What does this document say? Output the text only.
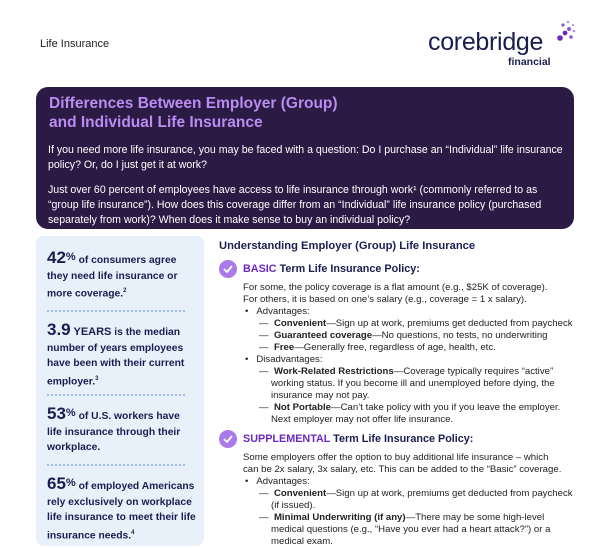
Life Insurance	corebridge
financial
Differences Between Employer (Group)
and Individual Life Insurance

If you need more life insurance, you may be faced with a question: Do I purchase an “Individual” life insurance policy? Or, do I just get it at work?

Just over 60 percent of employees have access to life insurance through work¹ (commonly referred to as “group life insurance”). How does this coverage differ from an “Individual” life insurance policy (purchased separately from work)? When does it make sense to buy an individual policy?

42% of consumers agree they need life insurance or more coverage.$^2$
3.9 YEARS is the median number of years employees have been with their current employer.$^3$
53% of U.S. workers have life insurance through their workplace.
65% of employed Americans rely exclusively on workplace life insurance to meet their life insurance needs.$^4$
Understanding Employer (Group) Life Insurance
BASIC Term Life Insurance Policy:
For some, the policy coverage is a flat amount (e.g., $25K of coverage).
For others, it is based on one’s salary (e.g., coverage = 1 x salary).
•   Advantages:
—  Convenient—Sign up at work, premiums get deducted from paycheck
—  Guaranteed coverage—No questions, no tests, no underwriting
—  Free—Generally free, regardless of age, health, etc.
•   Disadvantages:
—  Work-Related Restrictions—Coverage typically requires “active”
working status. If you become ill and unemployed before dying, the
insurance may not pay.
—  Not Portable—Can’t take policy with you if you leave the employer.
Next employer may not offer life insurance.
SUPPLEMENTAL Term Life Insurance Policy:
Some employers offer the option to buy additional life insurance – which
can be 2x salary, 3x salary, etc. This can be added to the “Basic” coverage.
•   Advantages:
—  Convenient—Sign up at work, premiums get deducted from paycheck
(if issued).
—  Minimal Underwriting (if any)—There may be some high-level
medical questions (e.g., “Have you ever had a heart attack?”) or a
medical exam.
